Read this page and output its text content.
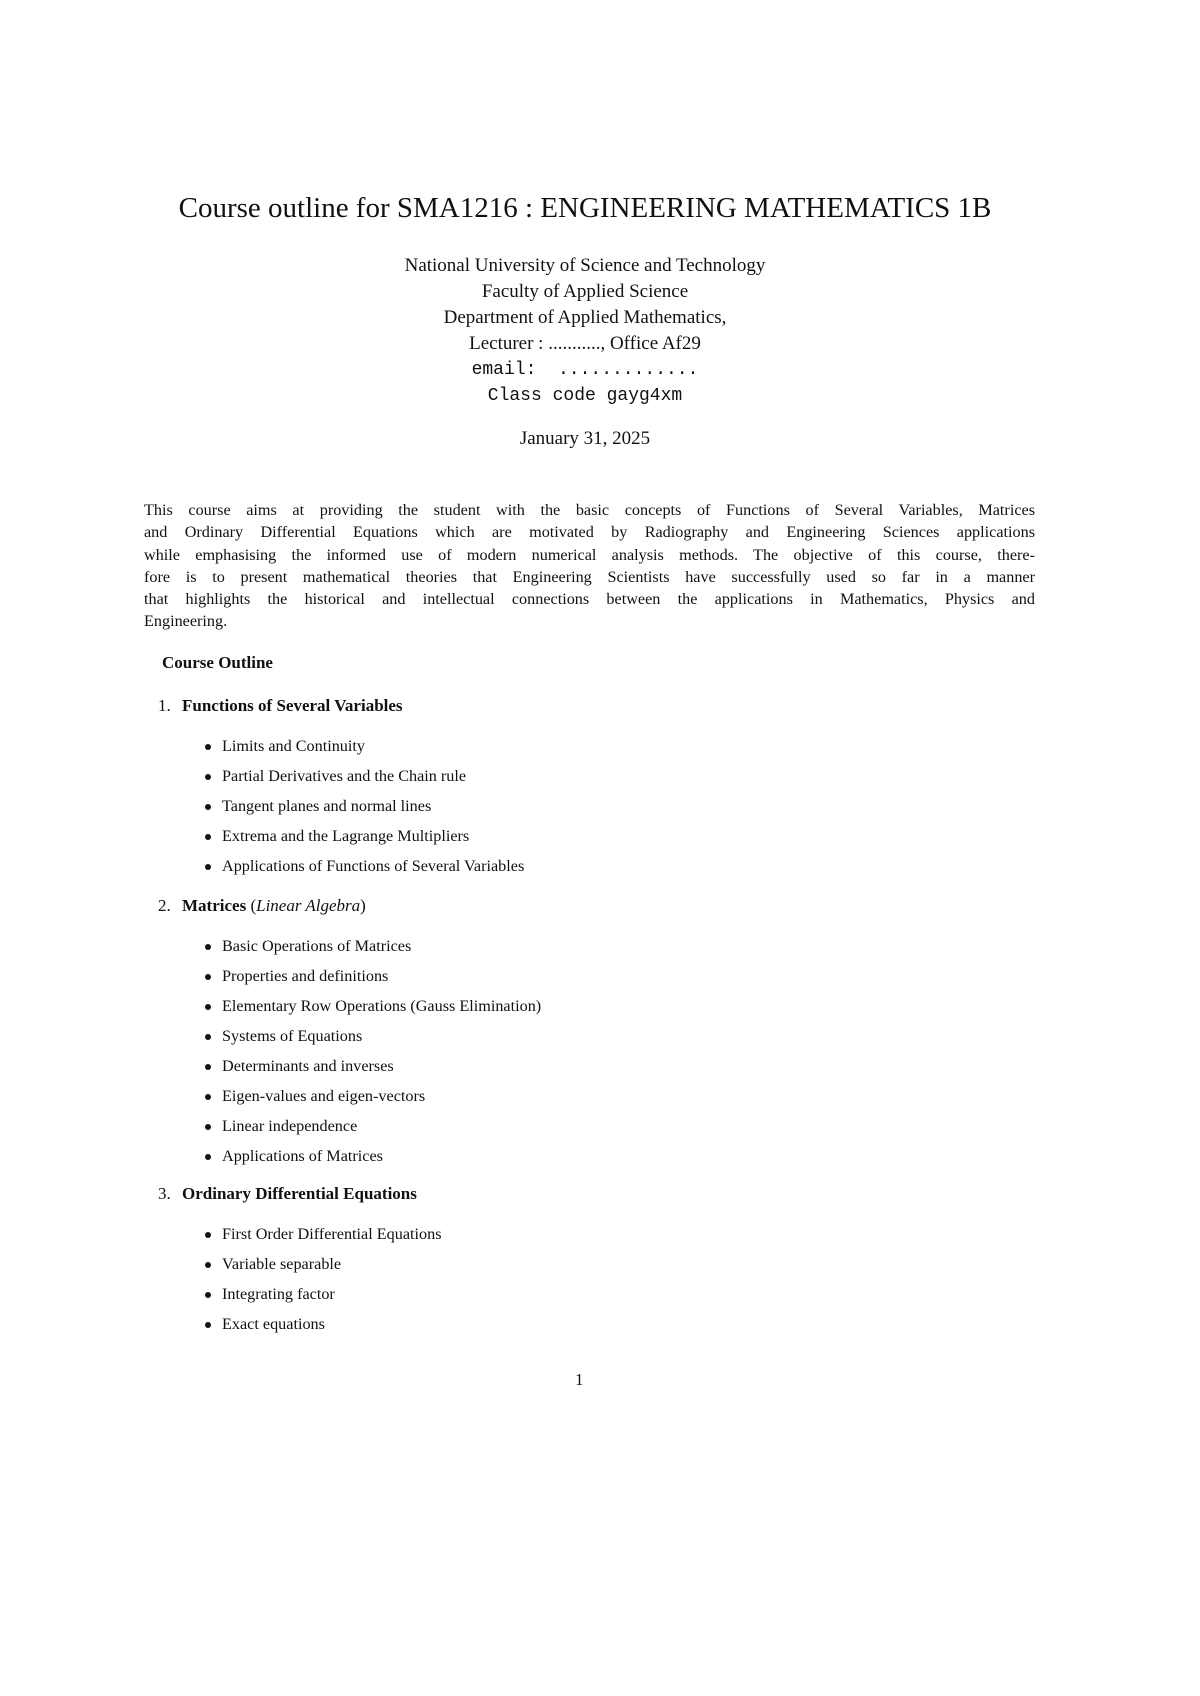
Course outline for SMA1216 : ENGINEERING MATHEMATICS 1B
National University of Science and Technology
Faculty of Applied Science
Department of Applied Mathematics,
Lecturer : ..........., Office Af29
email:  .............
Class code gayg4xm
January 31, 2025
This course aims at providing the student with the basic concepts of Functions of Several Variables, Matrices
and Ordinary Differential Equations which are motivated by Radiography and Engineering Sciences applications
while emphasising the informed use of modern numerical analysis methods. The objective of this course, there-
fore is to present mathematical theories that Engineering Scientists have successfully used so far in a manner
that highlights the historical and intellectual connections between the applications in Mathematics, Physics and
Engineering.
Course Outline
1. Functions of Several Variables
Limits and Continuity
Partial Derivatives and the Chain rule
Tangent planes and normal lines
Extrema and the Lagrange Multipliers
Applications of Functions of Several Variables
2. Matrices (Linear Algebra)
Basic Operations of Matrices
Properties and definitions
Elementary Row Operations (Gauss Elimination)
Systems of Equations
Determinants and inverses
Eigen-values and eigen-vectors
Linear independence
Applications of Matrices
3. Ordinary Differential Equations
First Order Differential Equations
Variable separable
Integrating factor
Exact equations
1
